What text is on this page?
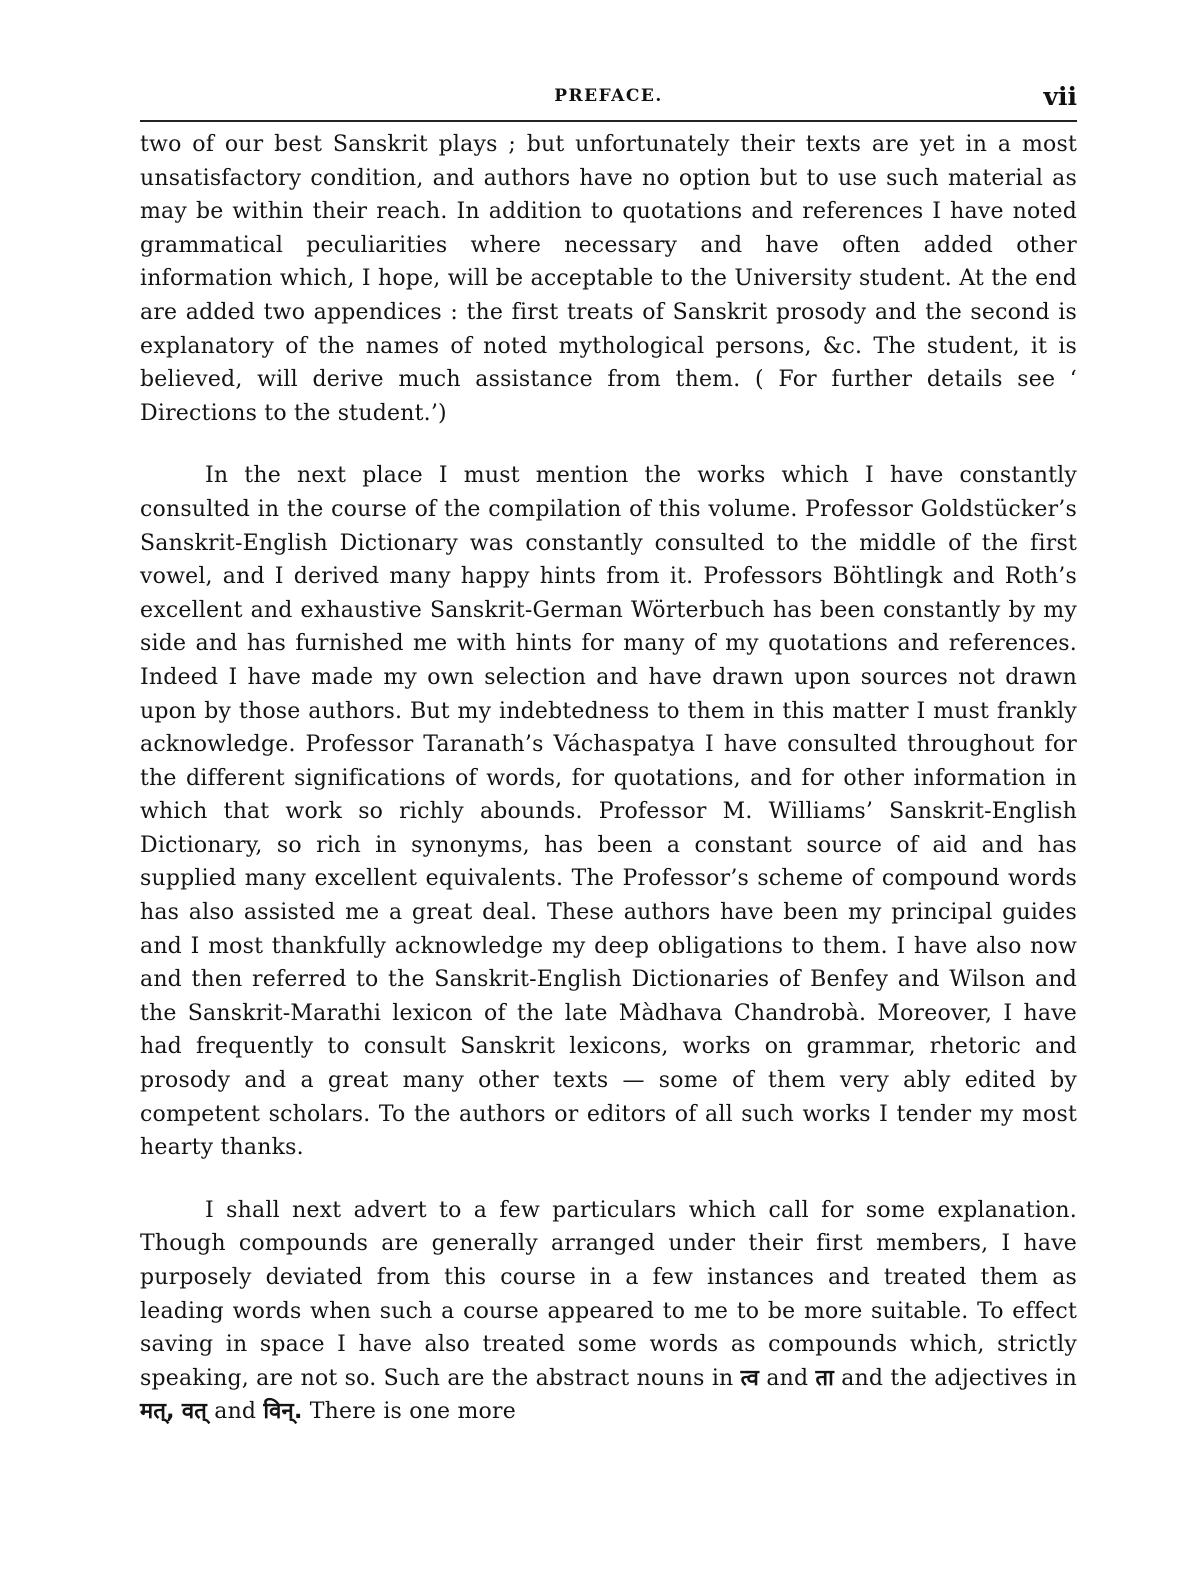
PREFACE.	vii

two of our best Sanskrit plays ; but unfortunately their texts are yet in a most unsatisfactory condition, and authors have no option but to use such material as may be within their reach. In addition to quotations and references I have noted grammatical peculiarities where necessary and have often added other information which, I hope, will be acceptable to the University student. At the end are added two appendices : the first treats of Sanskrit prosody and the second is explanatory of the names of noted mythological persons, &c. The student, it is believed, will derive much assistance from them. ( For further details see ‘ Directions to the student.’)

In the next place I must mention the works which I have constantly consulted in the course of the compilation of this volume. Professor Goldstücker’s Sanskrit-English Dictionary was constantly consulted to the middle of the first vowel, and I derived many happy hints from it. Professors Böhtlingk and Roth’s excellent and exhaustive Sanskrit-German Wörterbuch has been constantly by my side and has furnished me with hints for many of my quotations and references. Indeed I have made my own selection and have drawn upon sources not drawn upon by those authors. But my indebtedness to them in this matter I must frankly acknowledge. Professor Taranath’s Váchaspatya I have consulted throughout for the different significations of words, for quotations, and for other information in which that work so richly abounds. Professor M. Williams’ Sanskrit-English Dictionary, so rich in synonyms, has been a constant source of aid and has supplied many excellent equivalents. The Professor’s scheme of compound words has also assisted me a great deal. These authors have been my principal guides and I most thankfully acknowledge my deep obligations to them. I have also now and then referred to the Sanskrit-English Dictionaries of Benfey and Wilson and the Sanskrit-Marathi lexicon of the late Màdhava Chandrobà. Moreover, I have had frequently to consult Sanskrit lexicons, works on grammar, rhetoric and prosody and a great many other texts — some of them very ably edited by competent scholars. To the authors or editors of all such works I tender my most hearty thanks.

I shall next advert to a few particulars which call for some explanation. Though compounds are generally arranged under their first members, I have purposely deviated from this course in a few instances and treated them as leading words when such a course appeared to me to be more suitable. To effect saving in space I have also treated some words as compounds which, strictly speaking, are not so. Such are the abstract nouns in त्व and ता and the adjectives in मत्, वत् and विन्. There is one more
